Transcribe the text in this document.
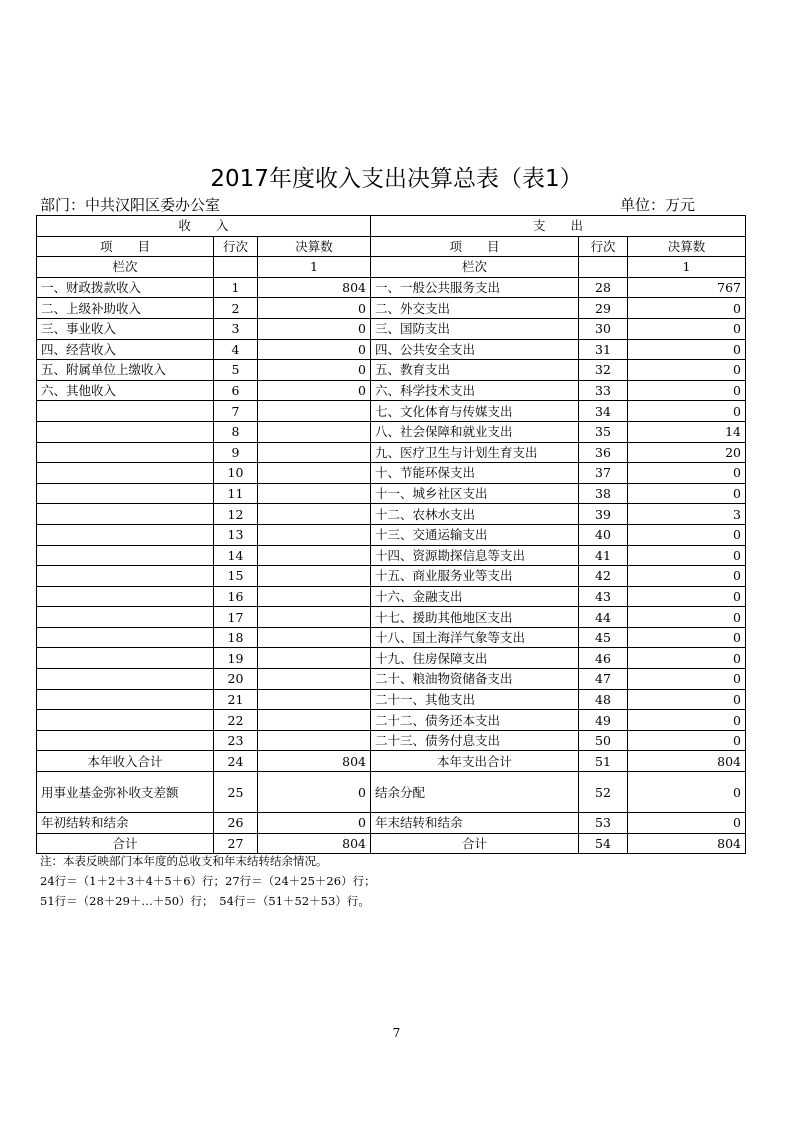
2017年度收入支出决算总表（表1）
部门：中共汉阳区委办公室	单位：万元
收　　入			支　　出		
项　　目	行次	决算数	项　　目	行次	决算数
栏次		1	栏次		1
一、财政拨款收入	1	804	一、一般公共服务支出	28	767
二、上级补助收入	2	0	二、外交支出	29	0
三、事业收入	3	0	三、国防支出	30	0
四、经营收入	4	0	四、公共安全支出	31	0
五、附属单位上缴收入	5	0	五、教育支出	32	0
六、其他收入	6	0	六、科学技术支出	33	0
	7		七、文化体育与传媒支出	34	0
	8		八、社会保障和就业支出	35	14
	9		九、医疗卫生与计划生育支出	36	20
	10		十、节能环保支出	37	0
	11		十一、城乡社区支出	38	0
	12		十二、农林水支出	39	3
	13		十三、交通运输支出	40	0
	14		十四、资源勘探信息等支出	41	0
	15		十五、商业服务业等支出	42	0
	16		十六、金融支出	43	0
	17		十七、援助其他地区支出	44	0
	18		十八、国土海洋气象等支出	45	0
	19		十九、住房保障支出	46	0
	20		二十、粮油物资储备支出	47	0
	21		二十一、其他支出	48	0
	22		二十二、债务还本支出	49	0
	23		二十三、债务付息支出	50	0
本年收入合计	24	804	本年支出合计	51	804
用事业基金弥补收支差额	25	0	结余分配	52	0
年初结转和结余	26	0	年末结转和结余	53	0
合计	27	804	合计	54	804
注：本表反映部门本年度的总收支和年末结转结余情况。
24行＝（1＋2＋3＋4＋5＋6）行；27行＝（24＋25＋26）行；
51行＝（28＋29＋…＋50）行；　54行＝（51＋52＋53）行。
7
